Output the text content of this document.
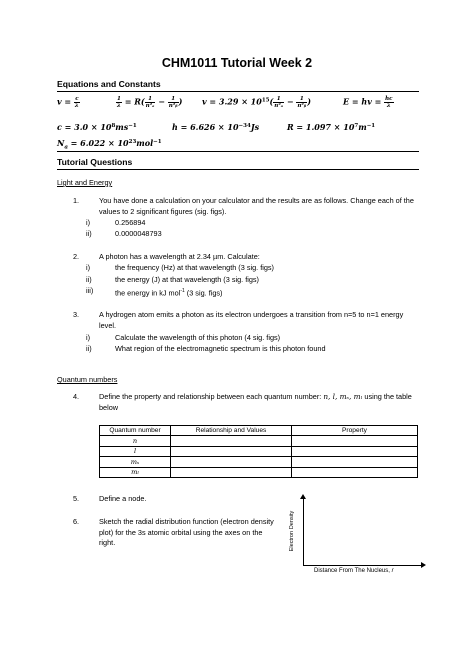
CHM1011 Tutorial Week 2
Equations and Constants
$v = \frac{c}{\lambda}$	$\frac{1}{\lambda} = R( \frac{1}{\text{n²ₐ}} - \frac{1}{\text{n²ᵦ}}$ ) $v = 3.29 \times 10^{15}( \frac{1}{\text{n²ₐ}} - \frac{1}{\text{n²ᵦ}}$ )	E = hv = $\frac{hc}{\lambda}$
$c = 3.0 \times 10^8ms^{-1}$	$h = 6.626 \times 10^{-34}Js$	$R = 1.097 \times 10^7m^{-1}$
$N_a = 6.022 \times 10^{23}mol^{-1}$
Tutorial Questions
Light and Energy
1.	You have done a calculation on your calculator and the results are as follows. Change each of the values to 2 significant figures (sig. figs).
i)	0.256894
ii)	0.0000048793
2.	A photon has a wavelength at 2.34 µm. Calculate:
i)	the frequency (Hz) at that wavelength (3 sig. figs)
ii)	the energy (J) at that wavelength (3 sig. figs)
iii)	the energy in kJ mol$^{-1}$ (3 sig. figs)
3.	A hydrogen atom emits a photon as its electron undergoes a transition from n=5 to n=1 energy level.
i)	Calculate the wavelength of this photon (4 sig. figs)
ii)	What region of the electromagnetic spectrum is this photon found
Quantum numbers
4.	Define the property and relationship between each quantum number: n, l, mₛ, mₗ using the table below
Quantum number	Relationship and Values	Property
n		
l		
mₛ		
mₗ		
5.	Define a node.
6.	Sketch the radial distribution function (electron density plot) for the 3s atomic orbital using the axes on the right.	Electron Density
Distance From The Nucleus, r
